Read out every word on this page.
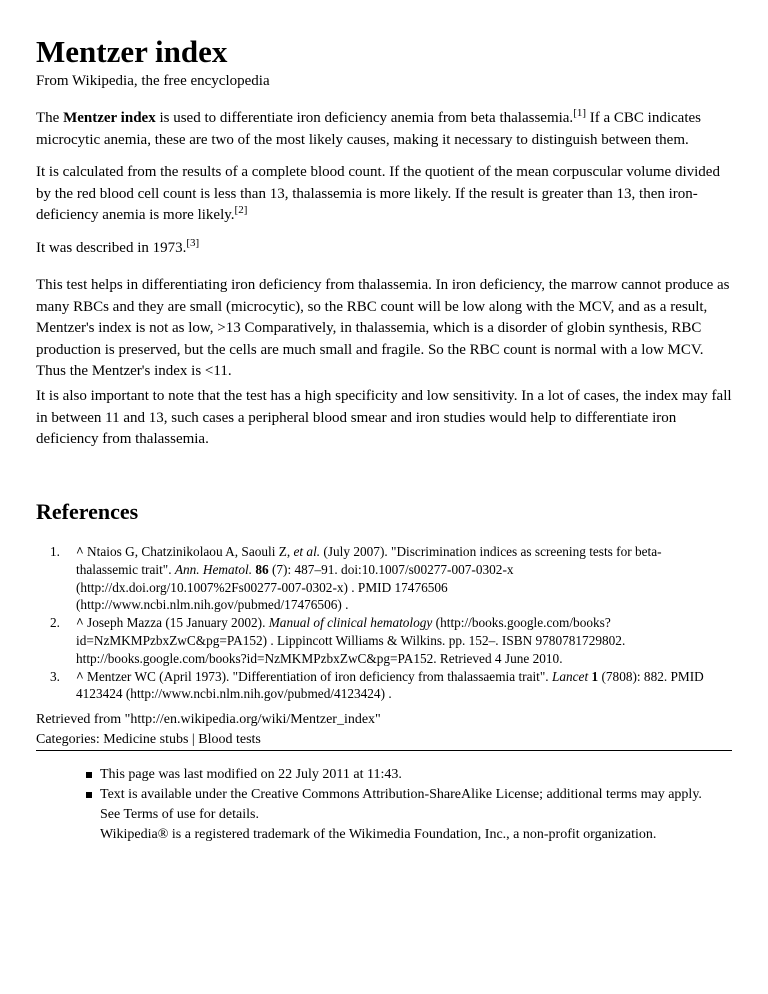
Mentzer index
From Wikipedia, the free encyclopedia

The Mentzer index is used to differentiate iron deficiency anemia from beta thalassemia.[1] If a CBC indicates microcytic anemia, these are two of the most likely causes, making it necessary to distinguish between them.

It is calculated from the results of a complete blood count. If the quotient of the mean corpuscular volume divided by the red blood cell count is less than 13, thalassemia is more likely. If the result is greater than 13, then iron-deficiency anemia is more likely.[2]

It was described in 1973.[3]

This test helps in differentiating iron deficiency from thalassemia. In iron deficiency, the marrow cannot produce as many RBCs and they are small (microcytic), so the RBC count will be low along with the MCV, and as a result, Mentzer's index is not as low, >13 Comparatively, in thalassemia, which is a disorder of globin synthesis, RBC production is preserved, but the cells are much small and fragile. So the RBC count is normal with a low MCV. Thus the Mentzer's index is <11.

It is also important to note that the test has a high specificity and low sensitivity. In a lot of cases, the index may fall in between 11 and 13, such cases a peripheral blood smear and iron studies would help to differentiate iron deficiency from thalassemia.

References
1. ^ Ntaios G, Chatzinikolaou A, Saouli Z, et al. (July 2007). "Discrimination indices as screening tests for beta-thalassemic trait". Ann. Hematol. 86 (7): 487–91. doi:10.1007/s00277-007-0302-x (http://dx.doi.org/10.1007%2Fs00277-007-0302-x) . PMID 17476506 (http://www.ncbi.nlm.nih.gov/pubmed/17476506) .
2. ^ Joseph Mazza (15 January 2002). Manual of clinical hematology (http://books.google.com/books?id=NzMKMPzbxZwC&pg=PA152) . Lippincott Williams & Wilkins. pp. 152–. ISBN 9780781729802. http://books.google.com/books?id=NzMKMPzbxZwC&pg=PA152. Retrieved 4 June 2010.
3. ^ Mentzer WC (April 1973). "Differentiation of iron deficiency from thalassaemia trait". Lancet 1 (7808): 882. PMID 4123424 (http://www.ncbi.nlm.nih.gov/pubmed/4123424) .
Retrieved from "http://en.wikipedia.org/wiki/Mentzer_index"
Categories: Medicine stubs | Blood tests
This page was last modified on 22 July 2011 at 11:43.
Text is available under the Creative Commons Attribution-ShareAlike License; additional terms may apply. See Terms of use for details.
Wikipedia® is a registered trademark of the Wikimedia Foundation, Inc., a non-profit organization.
